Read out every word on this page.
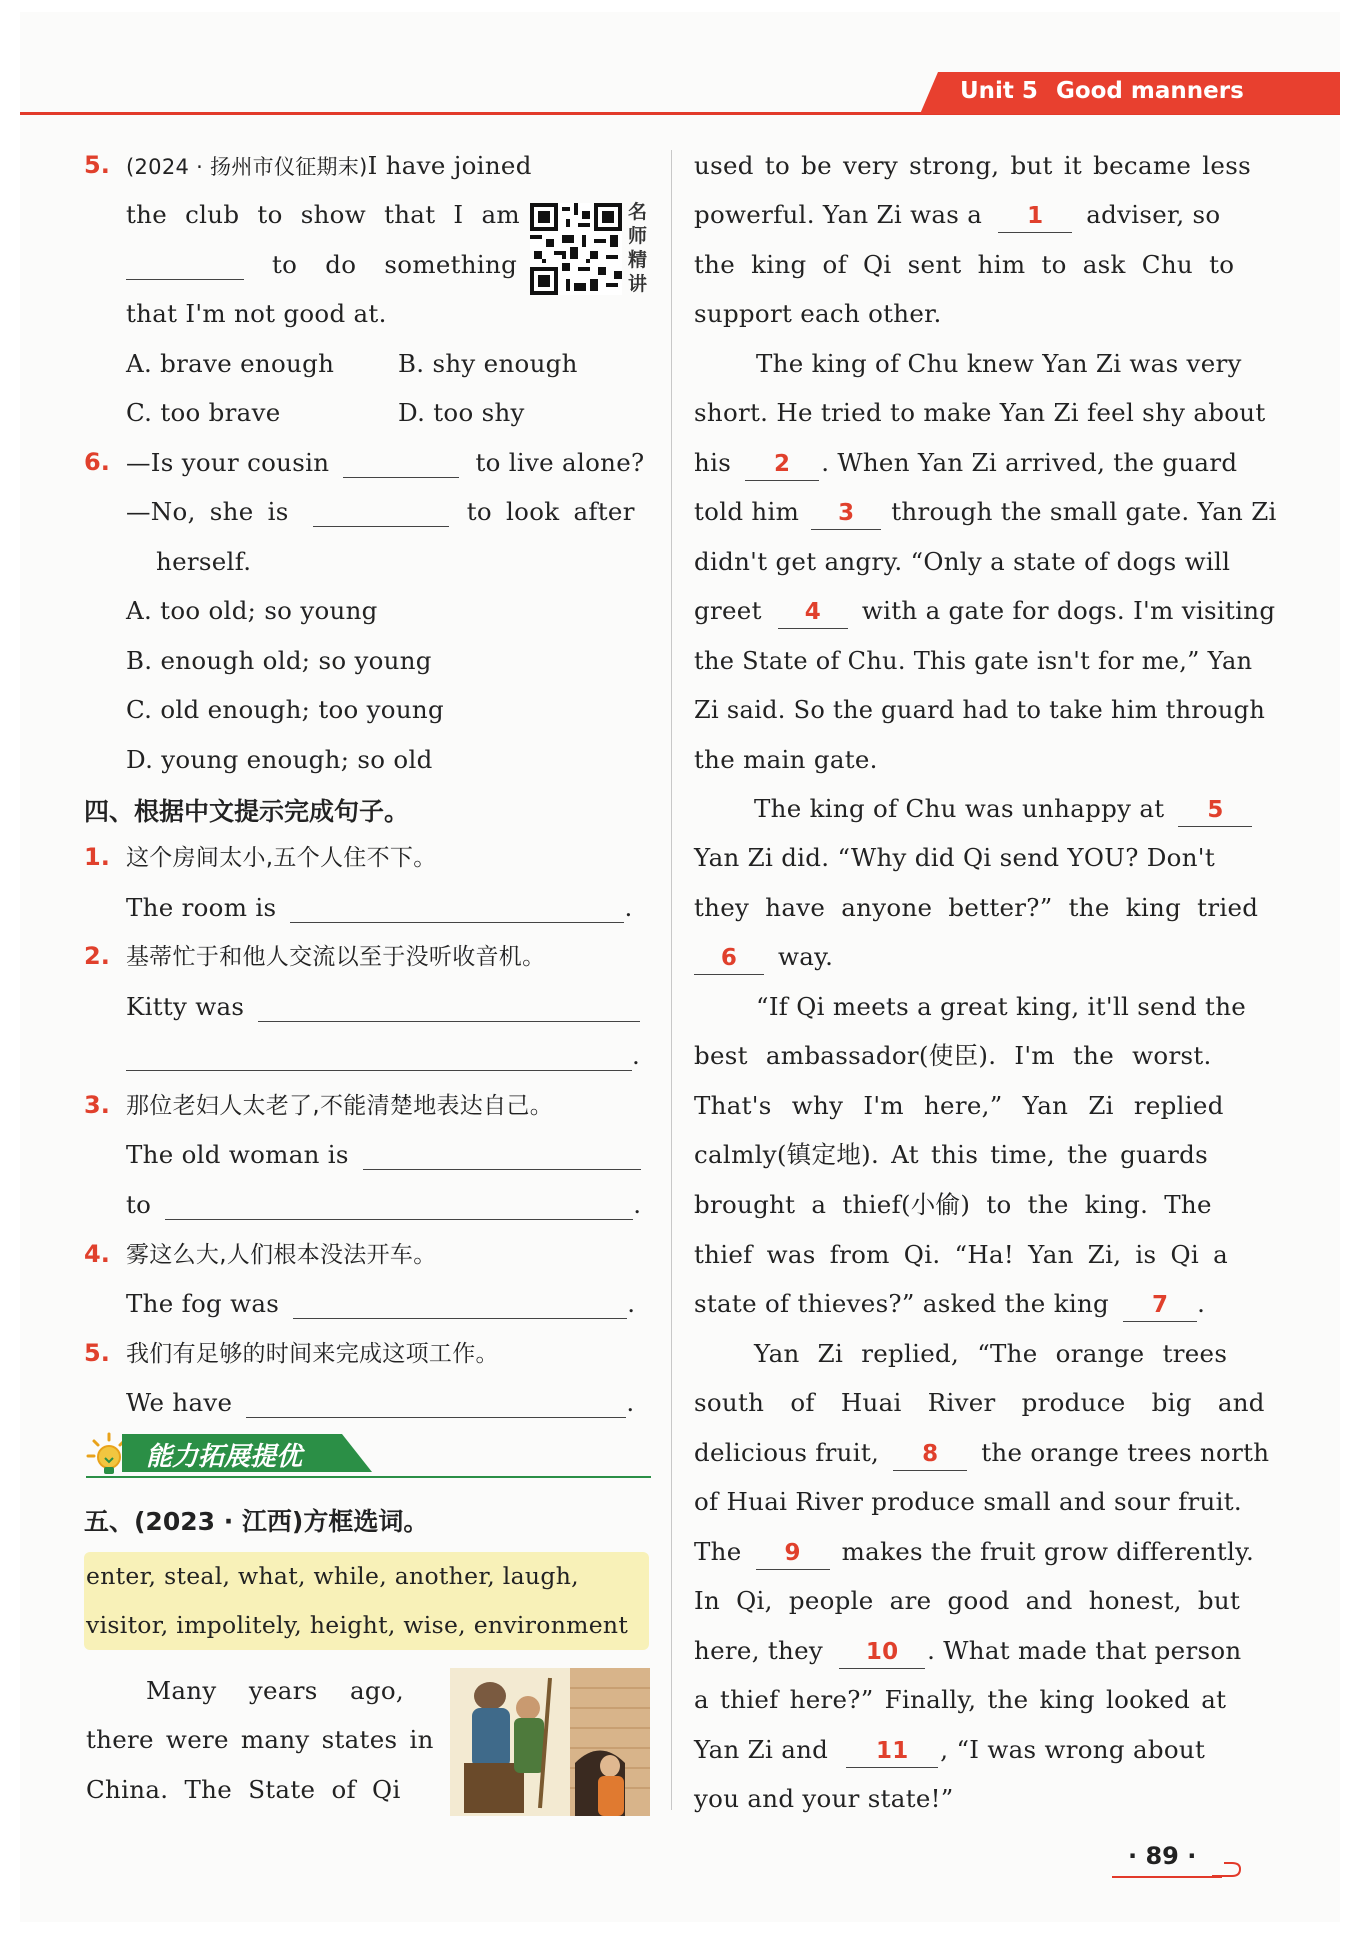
Unit 5 Good manners
5. (2024 · 扬州市仪征期末)I have joined
the club to show that I am
to do something
that I'm not good at.
名师精讲
A. brave enough	B. shy enough
C. too brave	D. too shy
6. —Is your cousin	to live alone?
—No, she is	to look after
herself.
A. too old; so young
B. enough old; so young
C. old enough; too young
D. young enough; so old
四、根据中文提示完成句子。
1. 这个房间太小,五个人住不下。
The room is	.
2. 基蒂忙于和他人交流以至于没听收音机。
Kitty was
.
3. 那位老妇人太老了,不能清楚地表达自己。
The old woman is
to	.
4. 雾这么大,人们根本没法开车。
The fog was	.
5. 我们有足够的时间来完成这项工作。
We have	.
能力拓展提优
五、(2023 · 江西)方框选词。
enter, steal, what, while, another, laugh,
visitor, impolitely, height, wise, environment
Many    years    ago,
there were many states in
China.  The  State  of  Qi
used to be very strong, but it became less
powerful. Yan Zi was a 1 adviser, so
the king of Qi sent him to ask Chu to
support each other.
The king of Chu knew Yan Zi was very
short. He tried to make Yan Zi feel shy about
his 2 . When Yan Zi arrived, the guard
told him 3 through the small gate. Yan Zi
didn't get angry. “Only a state of dogs will
greet 4 with a gate for dogs. I'm visiting
the State of Chu. This gate isn't for me,” Yan
Zi said. So the guard had to take him through
the main gate.
The king of Chu was unhappy at 5
Yan Zi did. “Why did Qi send YOU? Don't
they have anyone better?” the king tried
6 way.
“If Qi meets a great king, it'll send the
best ambassador(使臣). I'm the worst.
That's why I'm here,” Yan Zi replied
calmly(镇定地). At this time, the guards
brought a thief(小偷) to the king. The
thief was from Qi. “Ha! Yan Zi, is Qi a
state of thieves?” asked the king 7 .
Yan Zi replied, “The orange trees
south of Huai River produce big and
delicious fruit, 8 the orange trees north
of Huai River produce small and sour fruit.
The 9 makes the fruit grow differently.
In Qi, people are good and honest, but
here, they 10 . What made that person
a thief here?” Finally, the king looked at
Yan Zi and 11 , “I was wrong about
you and your state!”
· 89 ·
